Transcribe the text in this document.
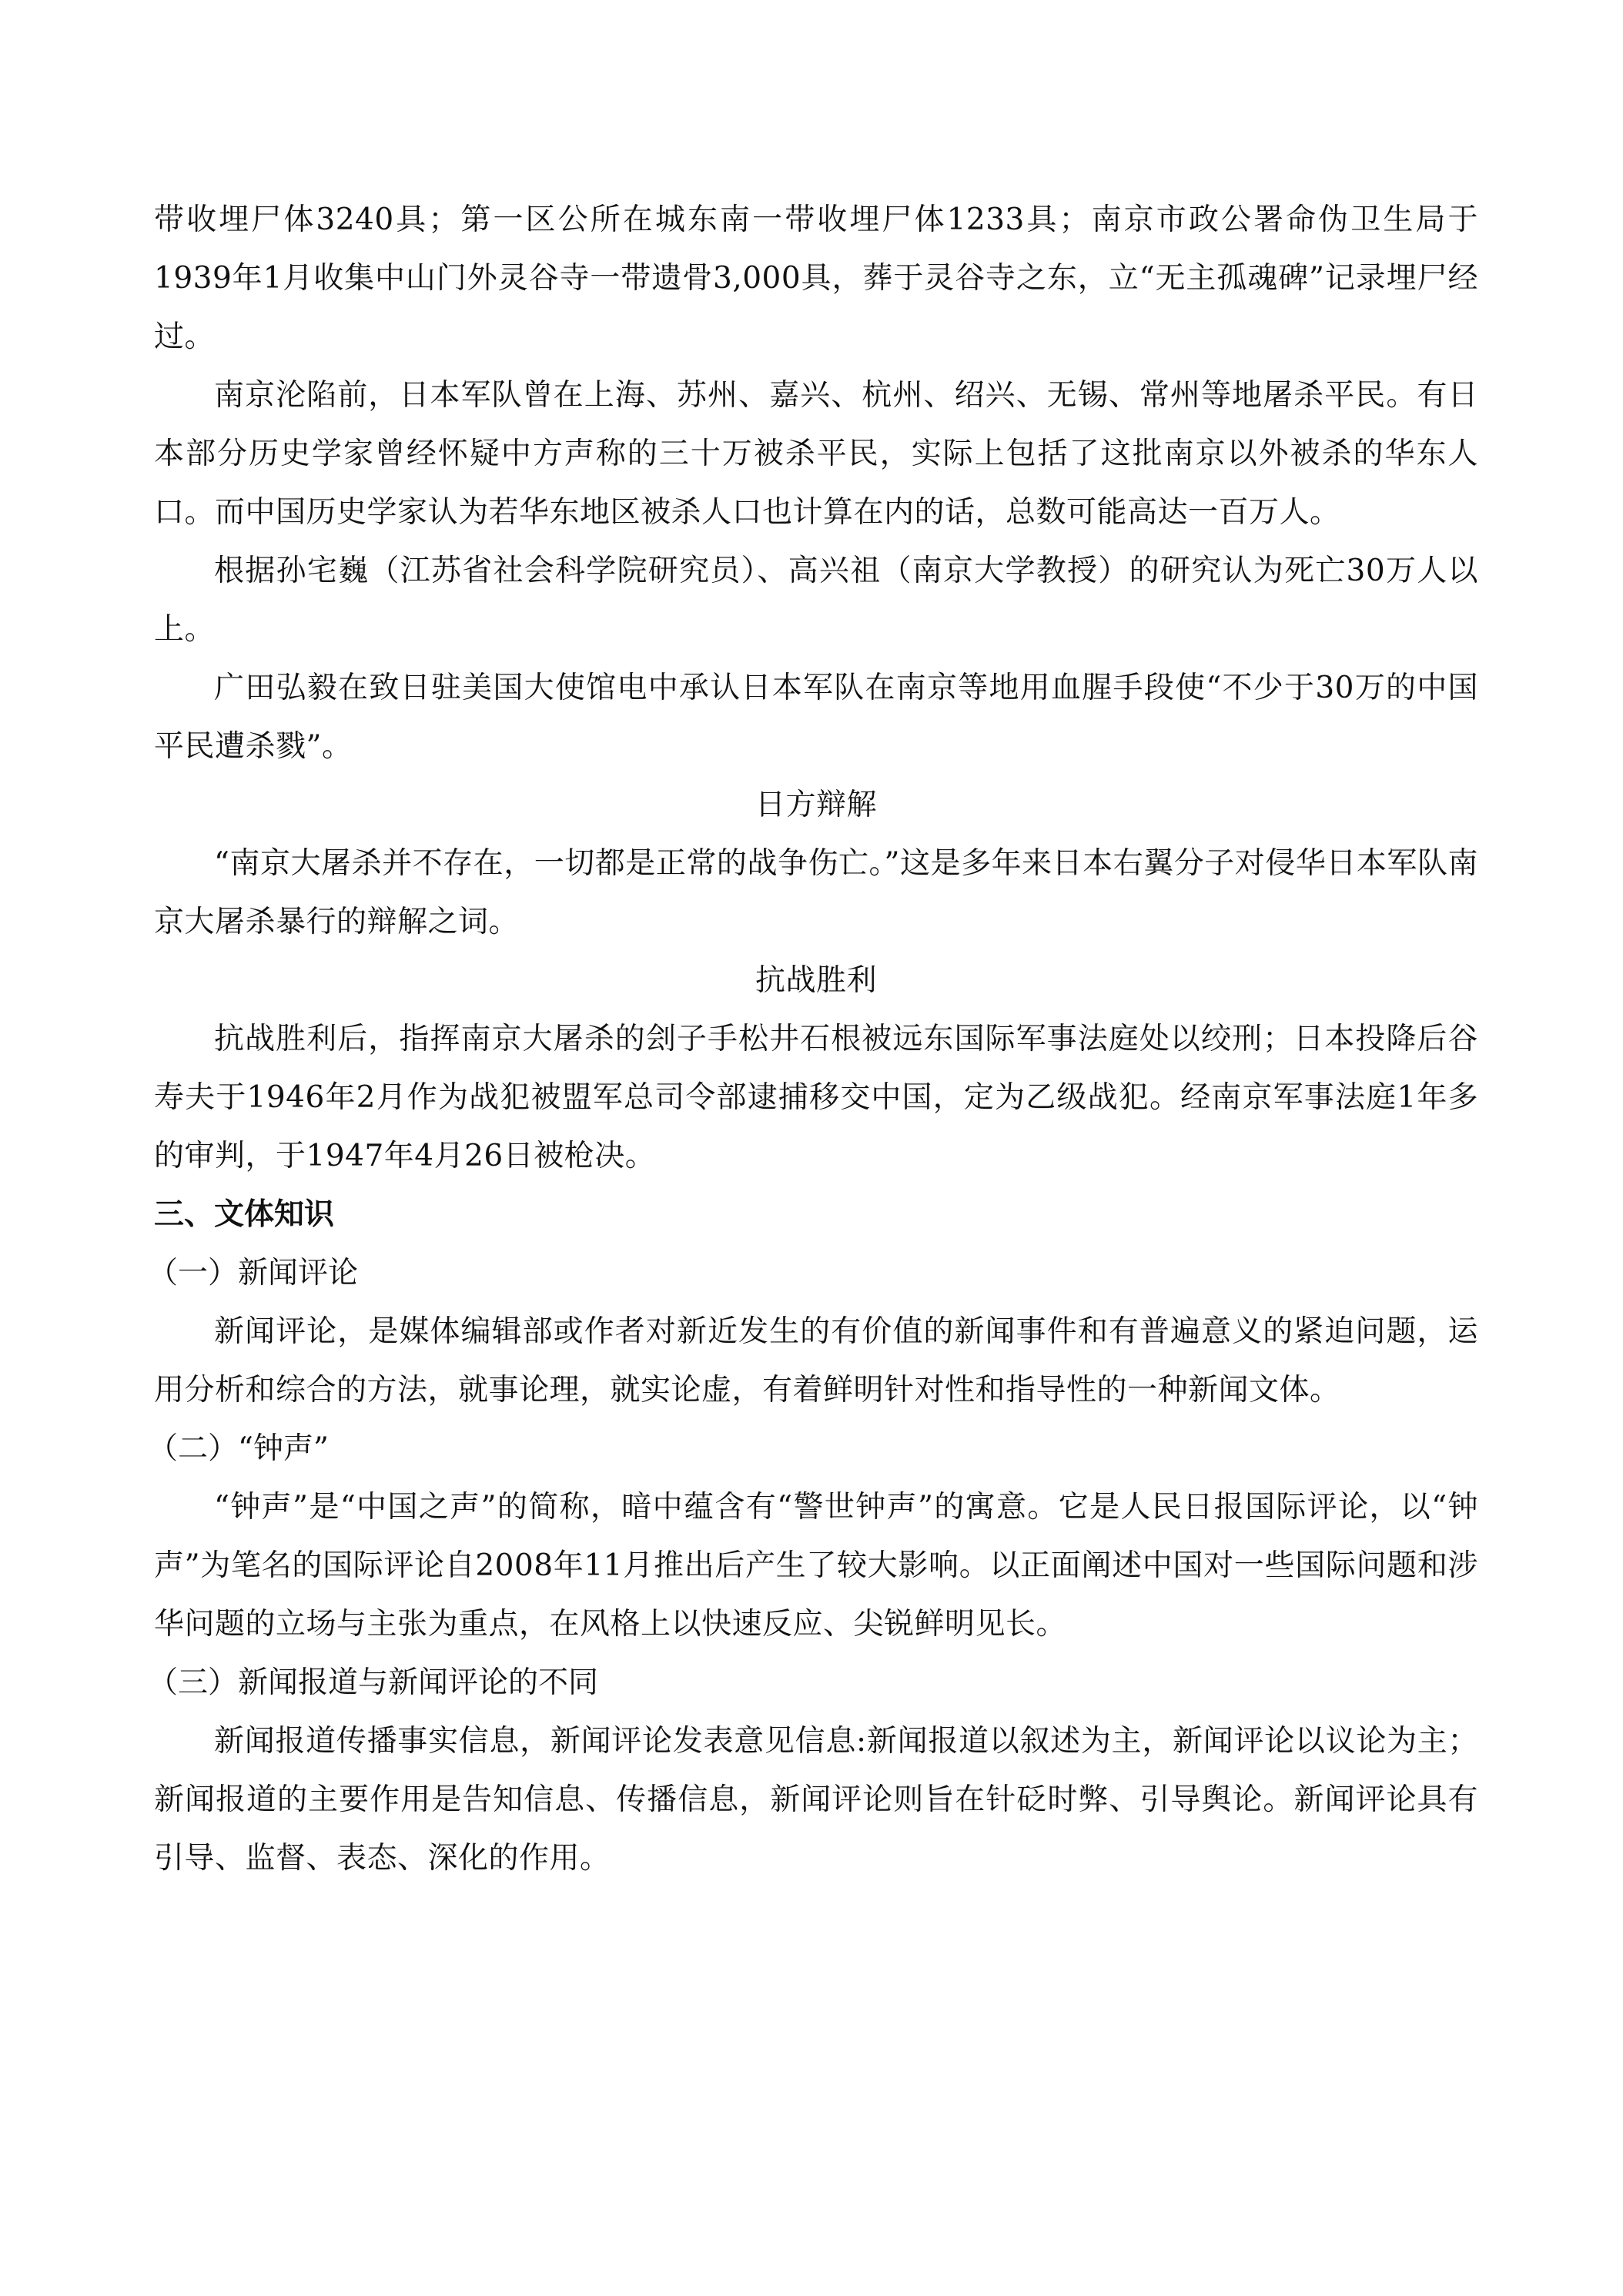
带收埋尸体3240具；第一区公所在城东南一带收埋尸体1233具；南京市政公署命伪卫生局于1939年1月收集中山门外灵谷寺一带遗骨3,000具，葬于灵谷寺之东，立“无主孤魂碑”记录埋尸经过。

南京沦陷前，日本军队曾在上海、苏州、嘉兴、杭州、绍兴、无锡、常州等地屠杀平民。有日本部分历史学家曾经怀疑中方声称的三十万被杀平民，实际上包括了这批南京以外被杀的华东人口。而中国历史学家认为若华东地区被杀人口也计算在内的话，总数可能高达一百万人。

根据孙宅巍（江苏省社会科学院研究员）、高兴祖（南京大学教授）的研究认为死亡30万人以上。

广田弘毅在致日驻美国大使馆电中承认日本军队在南京等地用血腥手段使“不少于30万的中国平民遭杀戮”。

日方辩解

“南京大屠杀并不存在，一切都是正常的战争伤亡。”这是多年来日本右翼分子对侵华日本军队南京大屠杀暴行的辩解之词。

抗战胜利

抗战胜利后，指挥南京大屠杀的刽子手松井石根被远东国际军事法庭处以绞刑；日本投降后谷寿夫于1946年2月作为战犯被盟军总司令部逮捕移交中国，定为乙级战犯。经南京军事法庭1年多的审判，于1947年4月26日被枪决。

三、文体知识

（一）新闻评论

新闻评论，是媒体编辑部或作者对新近发生的有价值的新闻事件和有普遍意义的紧迫问题，运用分析和综合的方法，就事论理，就实论虚，有着鲜明针对性和指导性的一种新闻文体。

（二）“钟声”

“钟声”是“中国之声”的简称，暗中蕴含有“警世钟声”的寓意。它是人民日报国际评论，以“钟声”为笔名的国际评论自2008年11月推出后产生了较大影响。以正面阐述中国对一些国际问题和涉华问题的立场与主张为重点，在风格上以快速反应、尖锐鲜明见长。

（三）新闻报道与新闻评论的不同

新闻报道传播事实信息，新闻评论发表意见信息:新闻报道以叙述为主，新闻评论以议论为主；新闻报道的主要作用是告知信息、传播信息，新闻评论则旨在针砭时弊、引导舆论。新闻评论具有引导、监督、表态、深化的作用。
